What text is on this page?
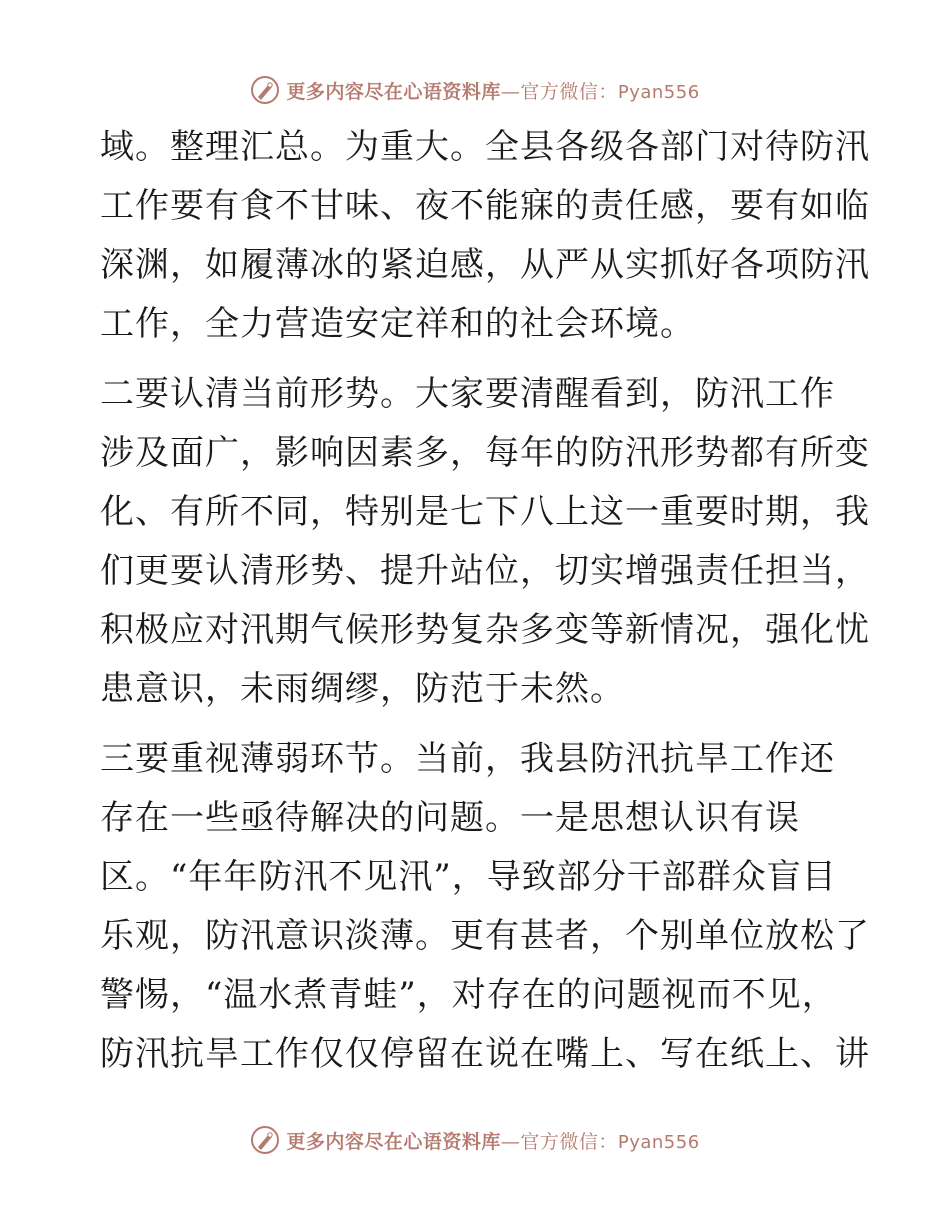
更多内容尽在心语资料库—官方微信：Pyan556

域。整理汇总。为重大。全县各级各部门对待防汛
工作要有食不甘味、夜不能寐的责任感，要有如临
深渊，如履薄冰的紧迫感，从严从实抓好各项防汛
工作，全力营造安定祥和的社会环境。

二要认清当前形势。大家要清醒看到，防汛工作
涉及面广，影响因素多，每年的防汛形势都有所变
化、有所不同，特别是七下八上这一重要时期，我
们更要认清形势、提升站位，切实增强责任担当，
积极应对汛期气候形势复杂多变等新情况，强化忧
患意识，未雨绸缪，防范于未然。

三要重视薄弱环节。当前，我县防汛抗旱工作还
存在一些亟待解决的问题。一是思想认识有误
区。“年年防汛不见汛”，导致部分干部群众盲目
乐观，防汛意识淡薄。更有甚者，个别单位放松了
警惕，“温水煮青蛙”，对存在的问题视而不见，
防汛抗旱工作仅仅停留在说在嘴上、写在纸上、讲

更多内容尽在心语资料库—官方微信：Pyan556
